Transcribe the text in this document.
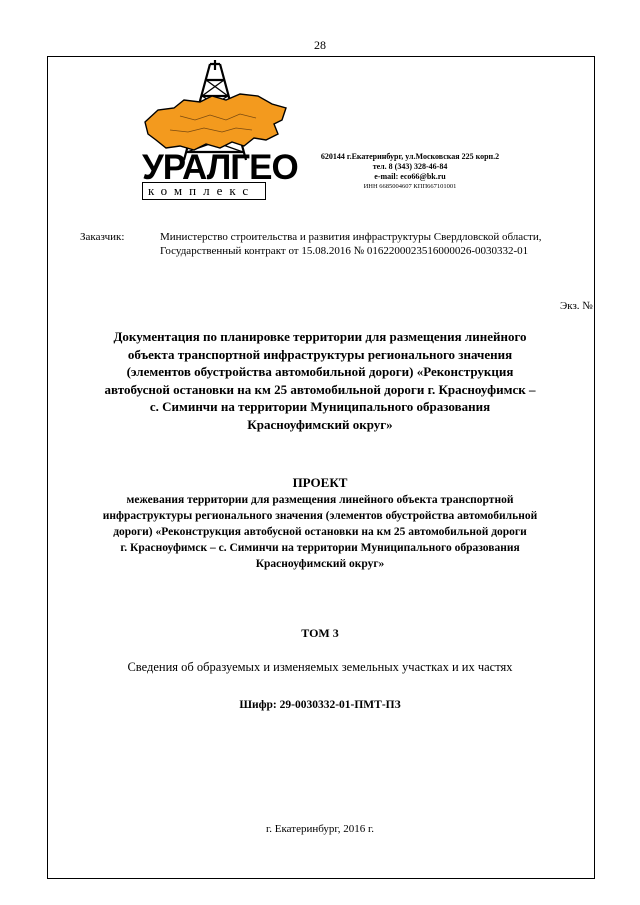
28
УРАЛГЕО
комплекс
620144 г.Екатеринбург, ул.Московская 225 корп.2
тел. 8 (343) 328-46-84
e-mail: eco66@bk.ru
ИНН 6685004607 КПП667101001
Заказчик:	Министерство строительства и развития инфраструктуры Свердловской области,
Государственный контракт от 15.08.2016 № 0162200023516000026-0030332-01
Экз. №
Документация по планировке территории для размещения линейного
объекта транспортной инфраструктуры регионального значения
(элементов обустройства автомобильной дороги) «Реконструкция
автобусной остановки на км 25 автомобильной дороги г. Красноуфимск –
с. Симинчи на территории Муниципального образования
Красноуфимский округ»
ПРОЕКТ
межевания территории для размещения линейного объекта транспортной
инфраструктуры регионального значения (элементов обустройства автомобильной
дороги) «Реконструкция автобусной остановки на км 25 автомобильной дороги
г. Красноуфимск – с. Симинчи на территории Муниципального образования
Красноуфимский округ»
ТОМ 3
Сведения об образуемых и изменяемых земельных участках и их частях
Шифр: 29-0030332-01-ПМТ-ПЗ
г. Екатеринбург, 2016 г.
